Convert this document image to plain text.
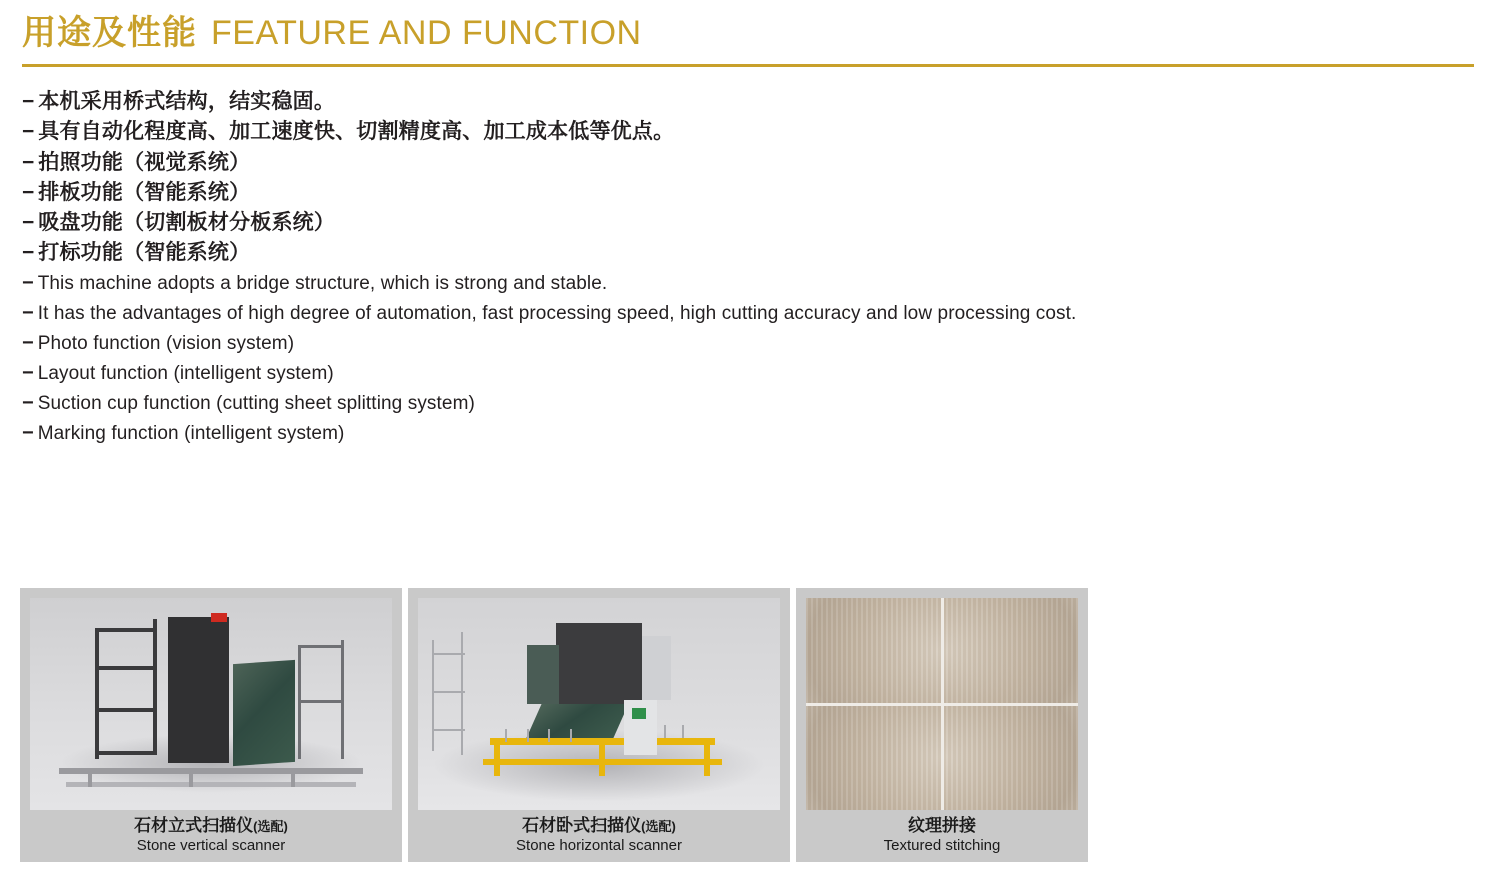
用途及性能 FEATURE AND FUNCTION
− 本机采用桥式结构，结实稳固。
− 具有自动化程度高、加工速度快、切割精度高、加工成本低等优点。
− 拍照功能（视觉系统）
− 排板功能（智能系统）
− 吸盘功能（切割板材分板系统）
− 打标功能（智能系统）
− This machine adopts a bridge structure, which is strong and stable.
− It has the advantages of high degree of automation, fast processing speed, high cutting accuracy and low processing cost.
− Photo function (vision system)
− Layout function (intelligent system)
− Suction cup function (cutting sheet splitting system)
− Marking function (intelligent system)
石材立式扫描仪(选配)
Stone vertical scanner
石材卧式扫描仪(选配)
Stone horizontal scanner
纹理拼接
Textured stitching
